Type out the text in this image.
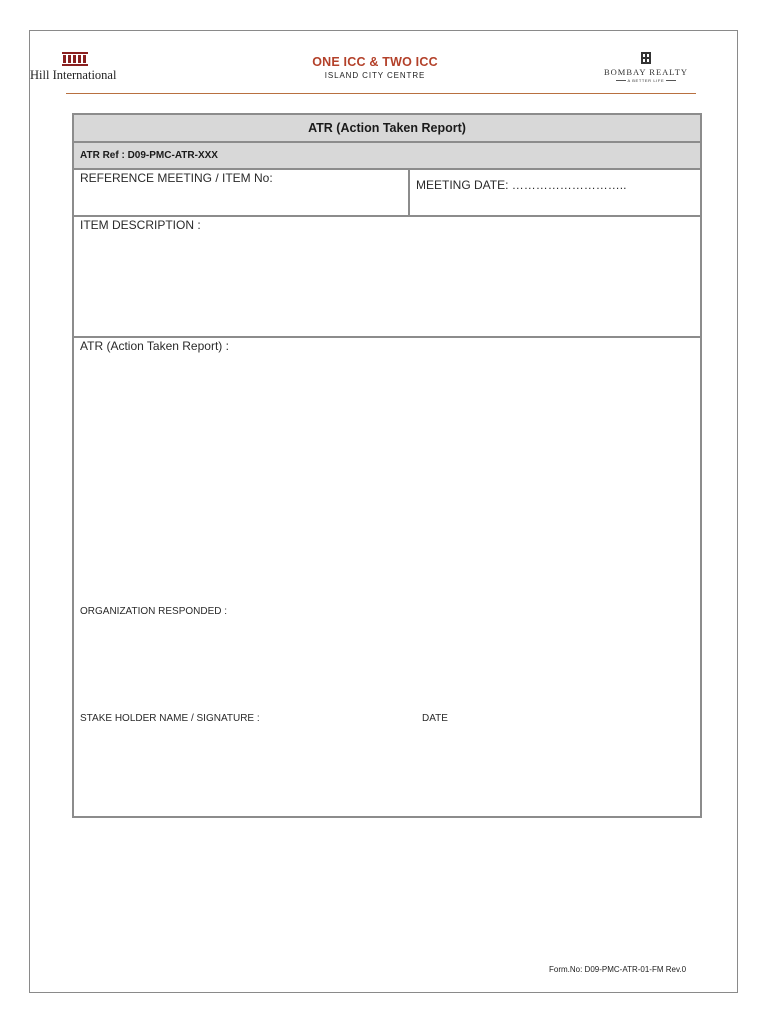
Hill International
ONE ICC & TWO ICC
ISLAND CITY CENTRE	BOMBAY REALTY
A BETTER LIFE
ATR (Action Taken Report)
ATR Ref : D09-PMC-ATR-XXX
REFERENCE MEETING / ITEM No:	MEETING DATE: ………………………..
ITEM DESCRIPTION :
ATR (Action Taken Report) :
ORGANIZATION RESPONDED :
STAKE HOLDER NAME / SIGNATURE :	DATE
Form.No: D09-PMC-ATR-01-FM Rev.0
